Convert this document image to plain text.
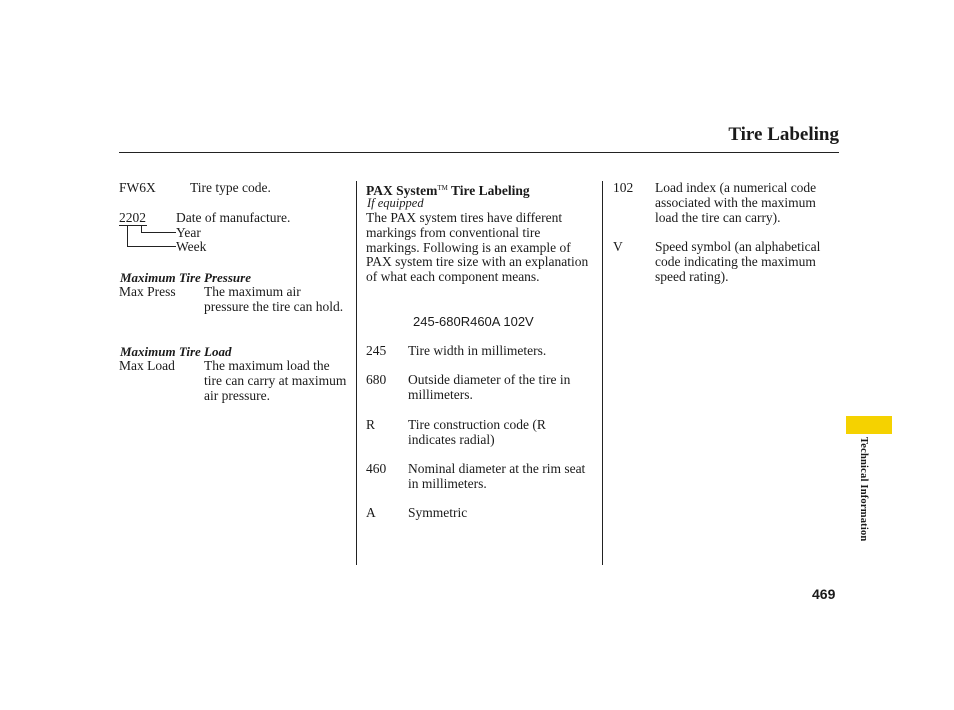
Tire Labeling
FW6X	Tire type code.
2202 Date of manufacture.
Year
Week
Maximum Tire Pressure
Max Press The maximum air pressure the tire can hold.
Maximum Tire Load
Max Load The maximum load the tire can carry at maximum air pressure.
PAX System™ Tire Labeling
If equipped
The PAX system tires have different markings from conventional tire markings. Following is an example of PAX system tire size with an explanation of what each component means.
245-680R460A 102V
245 Tire width in millimeters.
680 Outside diameter of the tire in millimeters.
R Tire construction code (R indicates radial)
460 Nominal diameter at the rim seat in millimeters.
A Symmetric
102 Load index (a numerical code associated with the maximum load the tire can carry).
V Speed symbol (an alphabetical code indicating the maximum speed rating).
Technical Information
469
